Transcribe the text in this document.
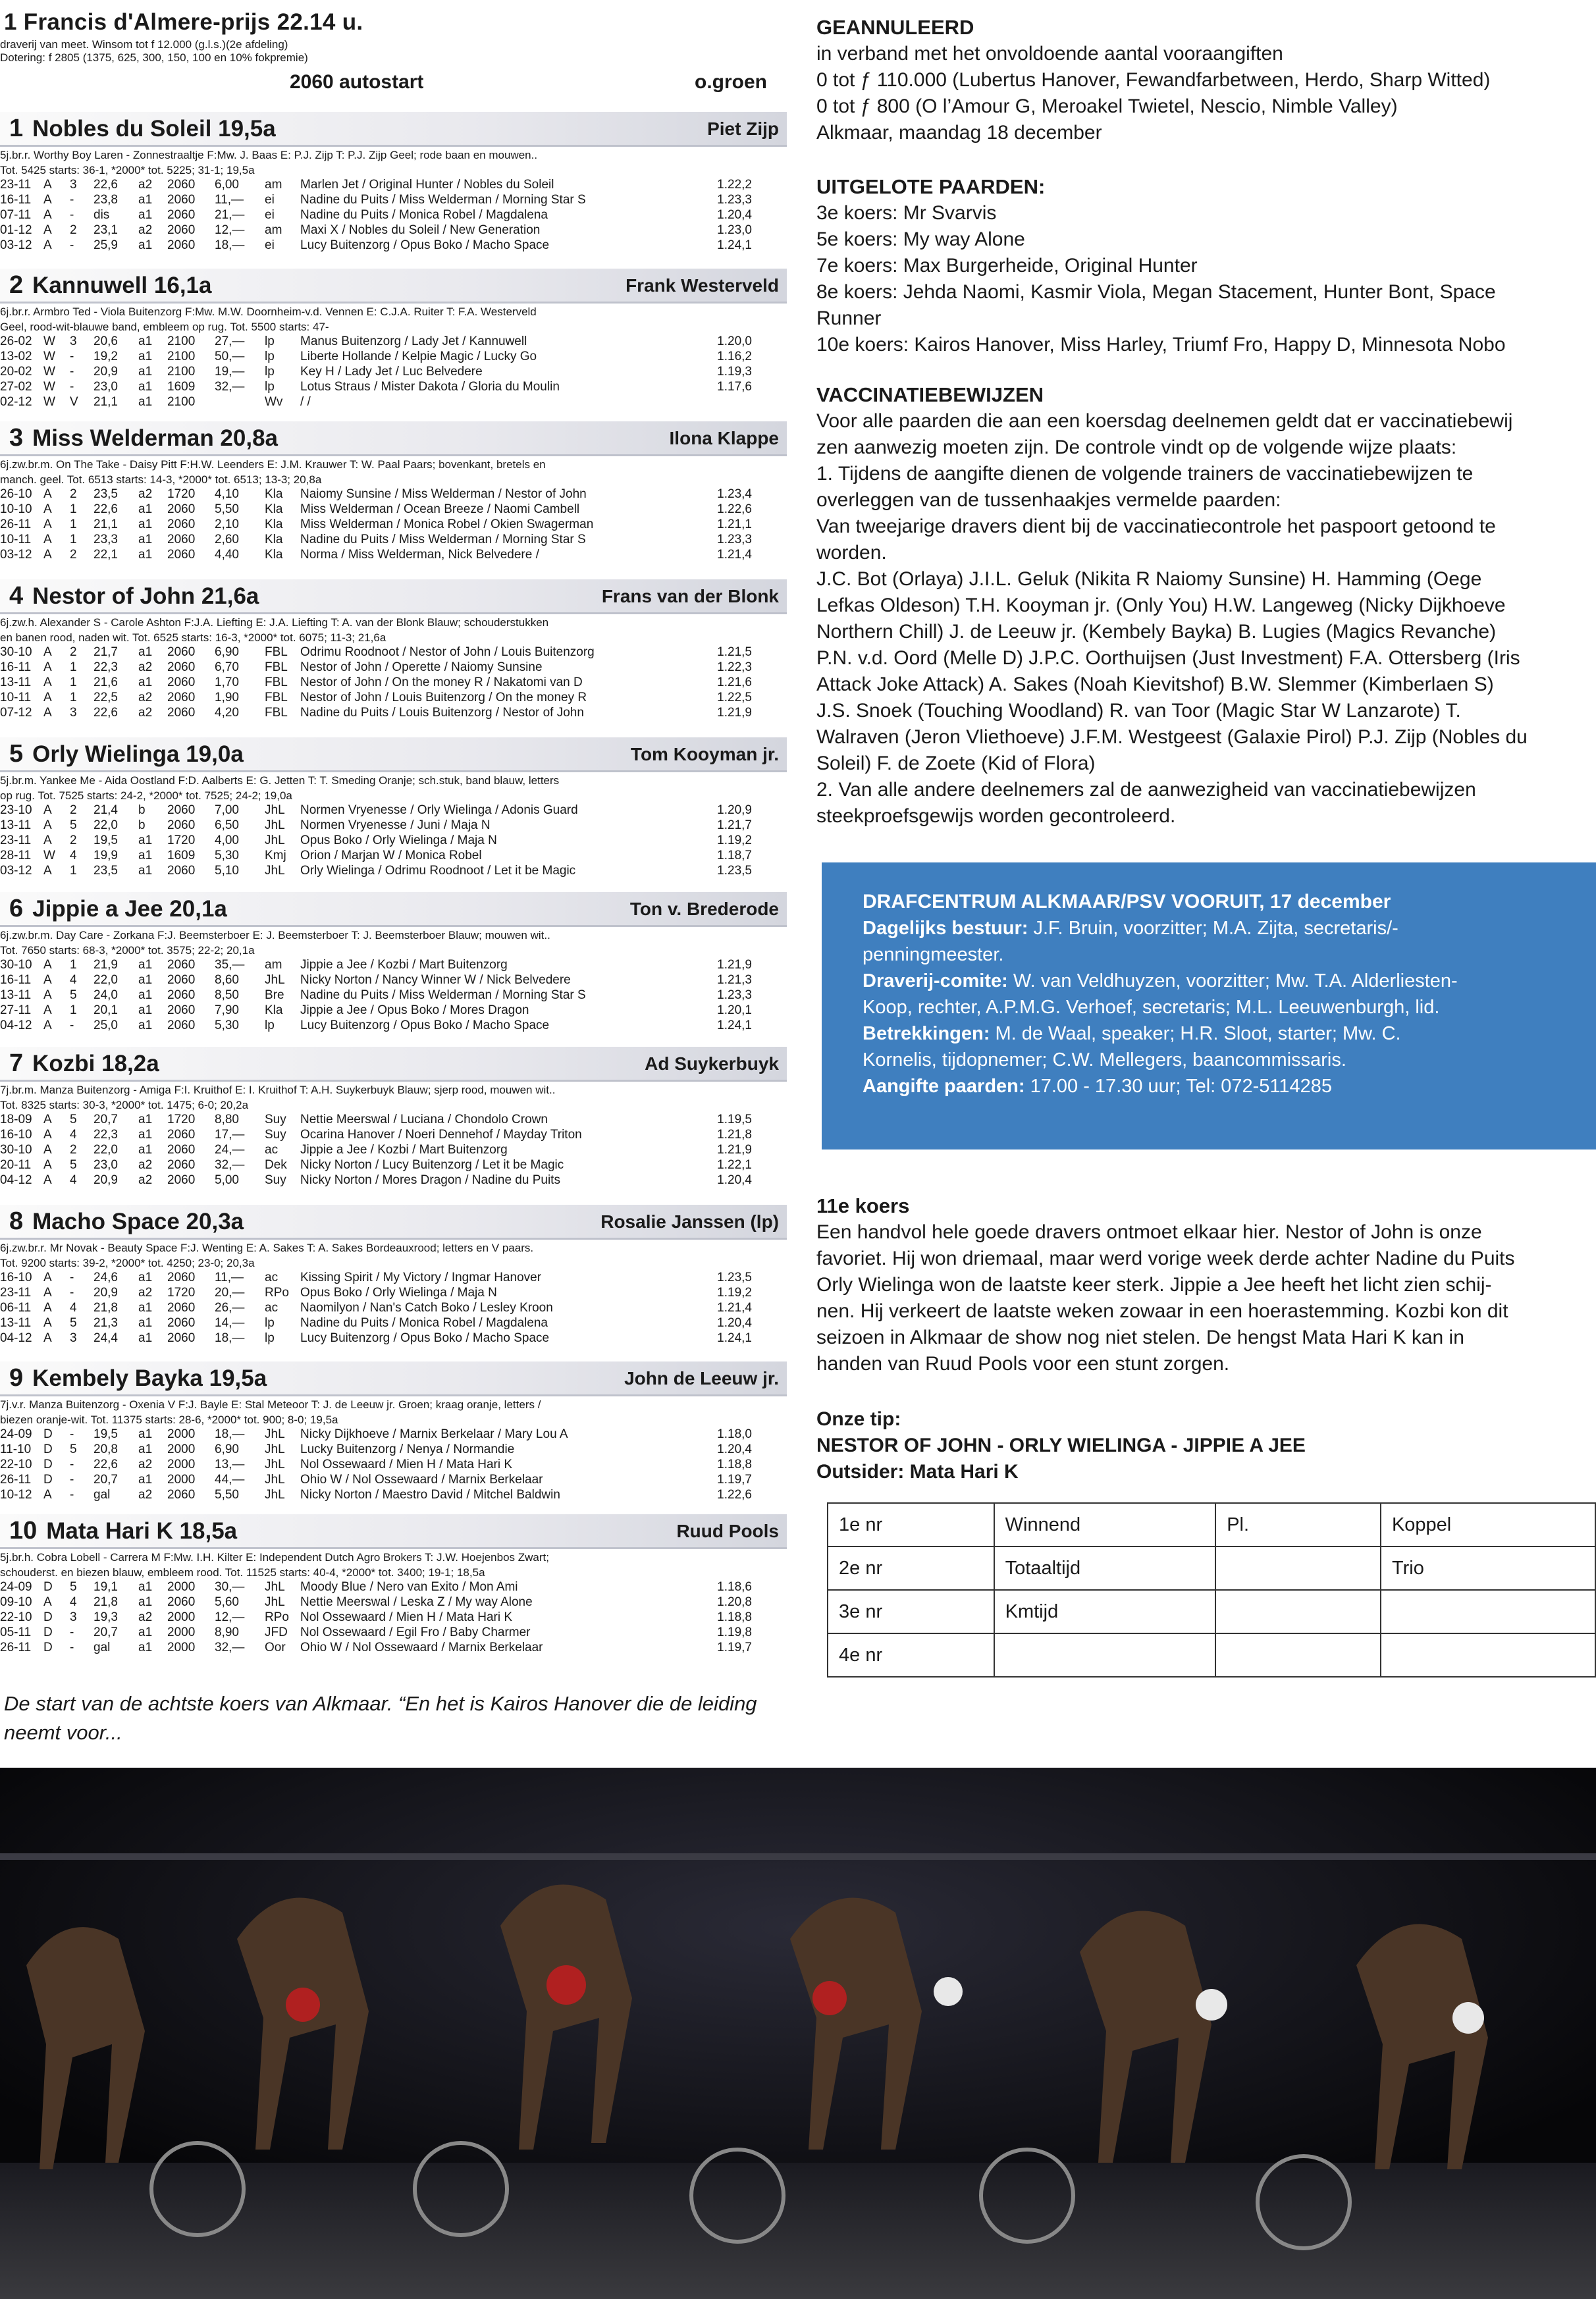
1 Francis d'Almere-prijs 22.14 u.
draverij van meet. Winsom tot f 12.000 (g.l.s.)(2e afdeling)
Dotering: f 2805 (1375, 625, 300, 150, 100 en 10% fokpremie)
2060 autostart	o.groen
1 Nobles du Soleil 19,5a	Piet Zijp
5j.br.r. Worthy Boy Laren - Zonnestraaltje F:Mw. J. Baas E: P.J. Zijp T: P.J. Zijp Geel; rode baan en mouwen..
Tot. 5425 starts: 36-1, *2000* tot. 5225; 31-1; 19,5a
23-11	A	3	22,6	a2	2060	6,00	am	Marlen Jet / Original Hunter / Nobles du Soleil	1.22,2
16-11	A	-	23,8	a1	2060	11,—	ei	Nadine du Puits / Miss Welderman / Morning Star S	1.23,3
07-11	A	-	dis	a1	2060	21,—	ei	Nadine du Puits / Monica Robel / Magdalena	1.20,4
01-12	A	2	23,1	a2	2060	12,—	am	Maxi X / Nobles du Soleil / New Generation	1.23,0
03-12	A	-	25,9	a1	2060	18,—	ei	Lucy Buitenzorg / Opus Boko / Macho Space	1.24,1
2 Kannuwell 16,1a	Frank Westerveld
6j.br.r. Armbro Ted - Viola Buitenzorg F:Mw. M.W. Doornheim-v.d. Vennen E: C.J.A. Ruiter T: F.A. Westerveld
Geel, rood-wit-blauwe band, embleem op rug. Tot. 5500 starts: 47-
26-02	W	3	20,6	a1	2100	27,—	lp	Manus Buitenzorg / Lady Jet / Kannuwell	1.20,0
13-02	W	-	19,2	a1	2100	50,—	lp	Liberte Hollande / Kelpie Magic / Lucky Go	1.16,2
20-02	W	-	20,9	a1	2100	19,—	lp	Key H / Lady Jet / Luc Belvedere	1.19,3
27-02	W	-	23,0	a1	1609	32,—	lp	Lotus Straus / Mister Dakota / Gloria du Moulin	1.17,6
02-12	W	V	21,1	a1	2100		Wv	/ /	
3 Miss Welderman 20,8a	Ilona Klappe
6j.zw.br.m. On The Take - Daisy Pitt F:H.W. Leenders E: J.M. Krauwer T: W. Paal Paars; bovenkant, bretels en
manch. geel. Tot. 6513 starts: 14-3, *2000* tot. 6513; 13-3; 20,8a
26-10	A	2	23,5	a2	1720	4,10	Kla	Naiomy Sunsine / Miss Welderman / Nestor of John	1.23,4
10-10	A	1	22,6	a1	2060	5,50	Kla	Miss Welderman / Ocean Breeze / Naomi Cambell	1.22,6
26-11	A	1	21,1	a1	2060	2,10	Kla	Miss Welderman / Monica Robel / Okien Swagerman	1.21,1
10-11	A	1	23,3	a1	2060	2,60	Kla	Nadine du Puits / Miss Welderman / Morning Star S	1.23,3
03-12	A	2	22,1	a1	2060	4,40	Kla	Norma / Miss Welderman, Nick Belvedere /	1.21,4
4 Nestor of John 21,6a	Frans van der Blonk
6j.zw.h. Alexander S - Carole Ashton F:J.A. Liefting E: J.A. Liefting T: A. van der Blonk Blauw; schouderstukken
en banen rood, naden wit. Tot. 6525 starts: 16-3, *2000* tot. 6075; 11-3; 21,6a
30-10	A	2	21,7	a1	2060	6,90	FBL	Odrimu Roodnoot / Nestor of John / Louis Buitenzorg	1.21,5
16-11	A	1	22,3	a2	2060	6,70	FBL	Nestor of John / Operette / Naiomy Sunsine	1.22,3
13-11	A	1	21,6	a1	2060	1,70	FBL	Nestor of John / On the money R / Nakatomi van D	1.21,6
10-11	A	1	22,5	a2	2060	1,90	FBL	Nestor of John / Louis Buitenzorg / On the money R	1.22,5
07-12	A	3	22,6	a2	2060	4,20	FBL	Nadine du Puits / Louis Buitenzorg / Nestor of John	1.21,9
5 Orly Wielinga 19,0a	Tom Kooyman jr.
5j.br.m. Yankee Me - Aida Oostland F:D. Aalberts E: G. Jetten T: T. Smeding Oranje; sch.stuk, band blauw, letters
op rug. Tot. 7525 starts: 24-2, *2000* tot. 7525; 24-2; 19,0a
23-10	A	2	21,4	b	2060	7,00	JhL	Normen Vryenesse / Orly Wielinga / Adonis Guard	1.20,9
13-11	A	5	22,0	b	2060	6,50	JhL	Normen Vryenesse / Juni / Maja N	1.21,7
23-11	A	2	19,5	a1	1720	4,00	JhL	Opus Boko / Orly Wielinga / Maja N	1.19,2
28-11	W	4	19,9	a1	1609	5,30	Kmj	Orion / Marjan W / Monica Robel	1.18,7
03-12	A	1	23,5	a1	2060	5,10	JhL	Orly Wielinga / Odrimu Roodnoot / Let it be Magic	1.23,5
6 Jippie a Jee 20,1a	Ton v. Brederode
6j.zw.br.m. Day Care - Zorkana F:J. Beemsterboer E: J. Beemsterboer T: J. Beemsterboer Blauw; mouwen wit..
Tot. 7650 starts: 68-3, *2000* tot. 3575; 22-2; 20,1a
30-10	A	1	21,9	a1	2060	35,—	am	Jippie a Jee / Kozbi / Mart Buitenzorg	1.21,9
16-11	A	4	22,0	a1	2060	8,60	JhL	Nicky Norton / Nancy Winner W / Nick Belvedere	1.21,3
13-11	A	5	24,0	a1	2060	8,50	Bre	Nadine du Puits / Miss Welderman / Morning Star S	1.23,3
27-11	A	1	20,1	a1	2060	7,90	Kla	Jippie a Jee / Opus Boko / Mores Dragon	1.20,1
04-12	A	-	25,0	a1	2060	5,30	lp	Lucy Buitenzorg / Opus Boko / Macho Space	1.24,1
7 Kozbi 18,2a	Ad Suykerbuyk
7j.br.m. Manza Buitenzorg - Amiga F:I. Kruithof E: I. Kruithof T: A.H. Suykerbuyk Blauw; sjerp rood, mouwen wit..
Tot. 8325 starts: 30-3, *2000* tot. 1475; 6-0; 20,2a
18-09	A	5	20,7	a1	1720	8,80	Suy	Nettie Meerswal / Luciana / Chondolo Crown	1.19,5
16-10	A	4	22,3	a1	2060	17,—	Suy	Ocarina Hanover / Noeri Dennehof / Mayday Triton	1.21,8
30-10	A	2	22,0	a1	2060	24,—	ac	Jippie a Jee / Kozbi / Mart Buitenzorg	1.21,9
20-11	A	5	23,0	a2	2060	32,—	Dek	Nicky Norton / Lucy Buitenzorg / Let it be Magic	1.22,1
04-12	A	4	20,9	a2	2060	5,00	Suy	Nicky Norton / Mores Dragon / Nadine du Puits	1.20,4
8 Macho Space 20,3a	Rosalie Janssen (lp)
6j.zw.br.r. Mr Novak - Beauty Space F:J. Wenting E: A. Sakes T: A. Sakes Bordeauxrood; letters en V paars.
Tot. 9200 starts: 39-2, *2000* tot. 4250; 23-0; 20,3a
16-10	A	-	24,6	a1	2060	11,—	ac	Kissing Spirit / My Victory / Ingmar Hanover	1.23,5
23-11	A	-	20,9	a2	1720	20,—	RPo	Opus Boko / Orly Wielinga / Maja N	1.19,2
06-11	A	4	21,8	a1	2060	26,—	ac	Naomilyon / Nan's Catch Boko / Lesley Kroon	1.21,4
13-11	A	5	21,3	a1	2060	14,—	lp	Nadine du Puits / Monica Robel / Magdalena	1.20,4
04-12	A	3	24,4	a1	2060	18,—	lp	Lucy Buitenzorg / Opus Boko / Macho Space	1.24,1
9 Kembely Bayka 19,5a	John de Leeuw jr.
7j.v.r. Manza Buitenzorg - Oxenia V F:J. Bayle E: Stal Meteoor T: J. de Leeuw jr. Groen; kraag oranje, letters /
biezen oranje-wit. Tot. 11375 starts: 28-6, *2000* tot. 900; 8-0; 19,5a
24-09	D	-	19,5	a1	2000	18,—	JhL	Nicky Dijkhoeve / Marnix Berkelaar / Mary Lou A	1.18,0
11-10	D	5	20,8	a1	2000	6,90	JhL	Lucky Buitenzorg / Nenya / Normandie	1.20,4
22-10	D	-	22,6	a2	2000	13,—	JhL	Nol Ossewaard / Mien H / Mata Hari K	1.18,8
26-11	D	-	20,7	a1	2000	44,—	JhL	Ohio W / Nol Ossewaard / Marnix Berkelaar	1.19,7
10-12	A	-	gal	a2	2060	5,50	JhL	Nicky Norton / Maestro David / Mitchel Baldwin	1.22,6
10 Mata Hari K 18,5a	Ruud Pools
5j.br.h. Cobra Lobell - Carrera M F:Mw. I.H. Kilter E: Independent Dutch Agro Brokers T: J.W. Hoejenbos Zwart;
schouderst. en biezen blauw, embleem rood. Tot. 11525 starts: 40-4, *2000* tot. 3400; 19-1; 18,5a
24-09	D	5	19,1	a1	2000	30,—	JhL	Moody Blue / Nero van Exito / Mon Ami	1.18,6
09-10	A	4	21,8	a1	2060	5,60	JhL	Nettie Meerswal / Leska Z / My way Alone	1.20,8
22-10	D	3	19,3	a2	2000	12,—	RPo	Nol Ossewaard / Mien H / Mata Hari K	1.18,8
05-11	D	-	20,7	a1	2000	8,90	JFD	Nol Ossewaard / Egil Fro / Baby Charmer	1.19,8
26-11	D	-	gal	a1	2000	32,—	Oor	Ohio W / Nol Ossewaard / Marnix Berkelaar	1.19,7
De start van de achtste koers van Alkmaar. “En het is Kairos Hanover die de leiding neemt voor...
GEANNULEERD
in verband met het onvoldoende aantal vooraangiften
0 tot ƒ 110.000 (Lubertus Hanover, Fewandfarbetween, Herdo, Sharp Witted)
0 tot ƒ 800 (O l’Amour G, Meroakel Twietel, Nescio, Nimble Valley)
Alkmaar, maandag 18 december
UITGELOTE PAARDEN:
3e koers: Mr Svarvis
5e koers: My way Alone
7e koers: Max Burgerheide, Original Hunter
8e koers: Jehda Naomi, Kasmir Viola, Megan Stacement, Hunter Bont, Space
Runner
10e koers: Kairos Hanover, Miss Harley, Triumf Fro, Happy D, Minnesota Nobo
VACCINATIEBEWIJZEN
Voor alle paarden die aan een koersdag deelnemen geldt dat er vaccinatiebewij
zen aanwezig moeten zijn. De controle vindt op de volgende wijze plaats:
1. Tijdens de aangifte dienen de volgende trainers de vaccinatiebewijzen te
overleggen van de tussenhaakjes vermelde paarden:
Van tweejarige dravers dient bij de vaccinatiecontrole het paspoort getoond te
worden.
J.C. Bot (Orlaya) J.I.L. Geluk (Nikita R Naiomy Sunsine) H. Hamming (Oege
Lefkas Oldeson) T.H. Kooyman jr. (Only You) H.W. Langeweg (Nicky Dijkhoeve
Northern Chill) J. de Leeuw jr. (Kembely Bayka) B. Lugies (Magics Revanche)
P.N. v.d. Oord (Melle D) J.P.C. Oorthuijsen (Just Investment) F.A. Ottersberg (Iris
Attack Joke Attack) A. Sakes (Noah Kievitshof) B.W. Slemmer (Kimberlaen S)
J.S. Snoek (Touching Woodland) R. van Toor (Magic Star W Lanzarote) T.
Walraven (Jeron Vliethoeve) J.F.M. Westgeest (Galaxie Pirol) P.J. Zijp (Nobles du
Soleil) F. de Zoete (Kid of Flora)
2. Van alle andere deelnemers zal de aanwezigheid van vaccinatiebewijzen
steekproefsgewijs worden gecontroleerd.
11e koers
Een handvol hele goede dravers ontmoet elkaar hier. Nestor of John is onze
favoriet. Hij won driemaal, maar werd vorige week derde achter Nadine du Puits
Orly Wielinga won de laatste keer sterk. Jippie a Jee heeft het licht zien schij-
nen. Hij verkeert de laatste weken zowaar in een hoerastemming. Kozbi kon dit
seizoen in Alkmaar de show nog niet stelen. De hengst Mata Hari K kan in
handen van Ruud Pools voor een stunt zorgen.
Onze tip:
NESTOR OF JOHN - ORLY WIELINGA - JIPPIE A JEE
Outsider: Mata Hari K
DRAFCENTRUM ALKMAAR/PSV VOORUIT, 17 december
Dagelijks bestuur: J.F. Bruin, voorzitter; M.A. Zijta, secretaris/-
penningmeester.
Draverij-comite: W. van Veldhuyzen, voorzitter; Mw. T.A. Alderliesten-
Koop, rechter, A.P.M.G. Verhoef, secretaris; M.L. Leeuwenburgh, lid.
Betrekkingen: M. de Waal, speaker; H.R. Sloot, starter; Mw. C.
Kornelis, tijdopnemer; C.W. Mellegers, baancommissaris.
Aangifte paarden: 17.00 - 17.30 uur; Tel: 072-5114285
1e nr	Winnend	Pl.	Koppel
2e nr	Totaaltijd		Trio
3e nr	Kmtijd		
4e nr			
